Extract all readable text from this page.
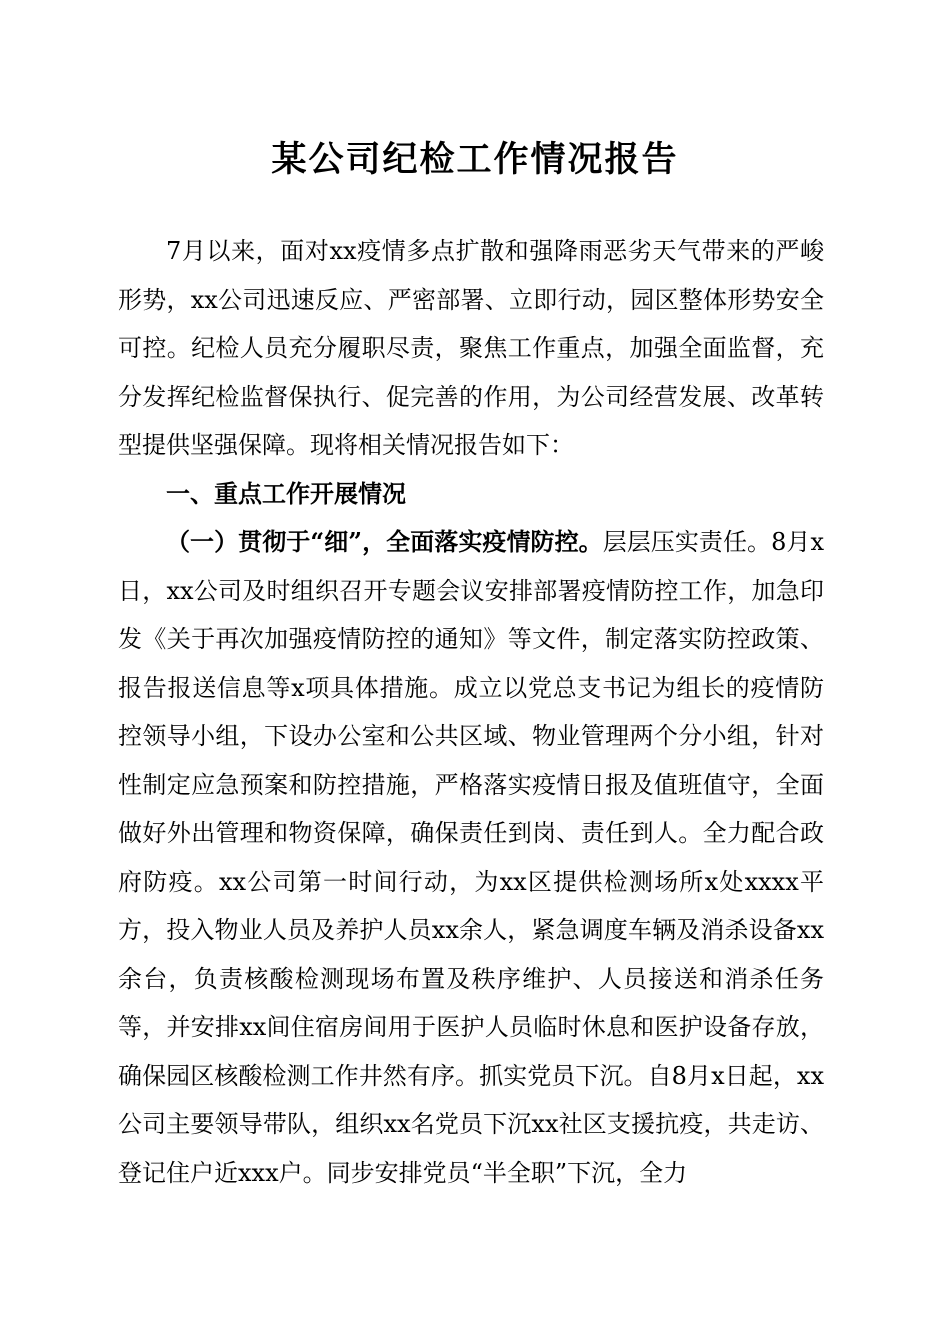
某公司纪检工作情况报告

7月以来，面对xx疫情多点扩散和强降雨恶劣天气带来的严峻形势，xx公司迅速反应、严密部署、立即行动，园区整体形势安全可控。纪检人员充分履职尽责，聚焦工作重点，加强全面监督，充分发挥纪检监督保执行、促完善的作用，为公司经营发展、改革转型提供坚强保障。现将相关情况报告如下：

一、重点工作开展情况

（一）贯彻于“细”，全面落实疫情防控。层层压实责任。8月x日，xx公司及时组织召开专题会议安排部署疫情防控工作，加急印发《关于再次加强疫情防控的通知》等文件，制定落实防控政策、报告报送信息等x项具体措施。成立以党总支书记为组长的疫情防控领导小组，下设办公室和公共区域、物业管理两个分小组，针对性制定应急预案和防控措施，严格落实疫情日报及值班值守，全面做好外出管理和物资保障，确保责任到岗、责任到人。全力配合政府防疫。xx公司第一时间行动，为xx区提供检测场所x处xxxx平方，投入物业人员及养护人员xx余人，紧急调度车辆及消杀设备xx余台，负责核酸检测现场布置及秩序维护、人员接送和消杀任务等，并安排xx间住宿房间用于医护人员临时休息和医护设备存放，确保园区核酸检测工作井然有序。抓实党员下沉。自8月x日起，xx公司主要领导带队，组织xx名党员下沉xx社区支援抗疫，共走访、登记住户近xxx户。同步安排党员“半全职”下沉，全力
